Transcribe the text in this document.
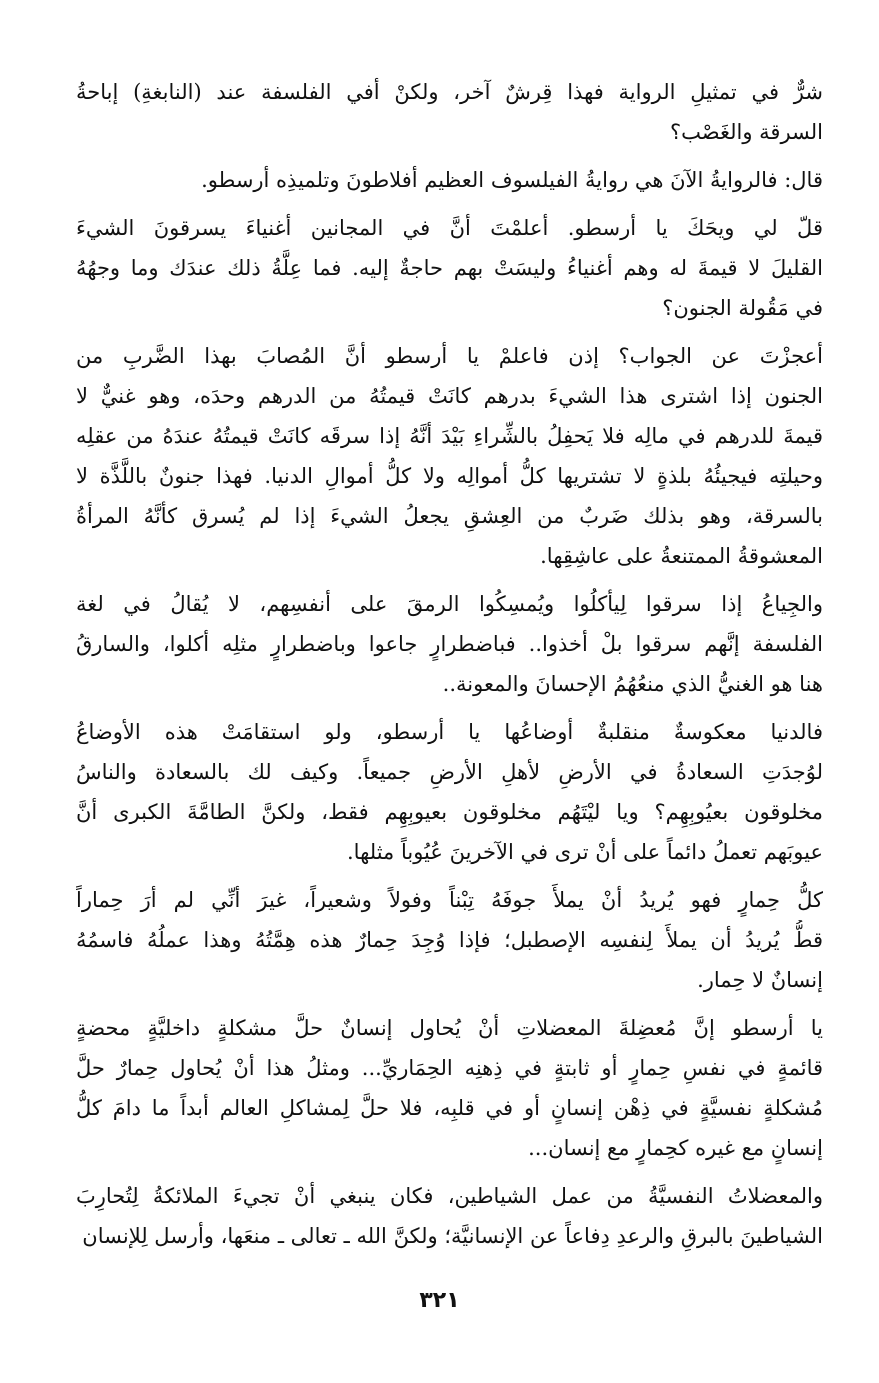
شرٌّ في تمثيلِ الرواية فهذا قِرشٌ آخر، ولكنْ أفي الفلسفة عند (النابغةِ) إباحةُ
السرقة والغَصْب؟
قال: فالروايةُ الآنَ هي روايةُ الفيلسوف العظيم أفلاطونَ وتلميذِه أرسطو.
قلّ لي ويحَكَ يا أرسطو. أعلمْتَ أنَّ في المجانين أغنياءَ يسرقونَ الشيءَ
القليلَ لا قيمةَ له وهم أغنياءُ وليسَتْ بهم حاجةٌ إليه. فما عِلَّةُ ذلك عندَك وما وجهُهُ
في مَقُولة الجنون؟
أعجزْتَ عن الجواب؟ إذن فاعلمْ يا أرسطو أنَّ المُصابَ بهذا الضَّربِ من
الجنون إذا اشترى هذا الشيءَ بدرهم كانَتْ قيمتُهُ من الدرهم وحدَه، وهو غنيٌّ لا
قيمةَ للدرهم في مالِه فلا يَحفِلُ بالشِّراءِ بَيْدَ أنَّهُ إذا سرقَه كانَتْ قيمتُهُ عندَهُ من عقلِه
وحيلتِه فيجيئُهُ بلذةٍ لا تشتريها كلُّ أموالِه ولا كلُّ أموالِ الدنيا. فهذا جنونٌ باللَّذَّة لا
بالسرقة، وهو بذلك ضَربٌ من العِشقِ يجعلُ الشيءَ إذا لم يُسرق كأنَّهُ المرأةُ
المعشوقةُ الممتنعةُ على عاشِقِها.
والجِياعُ إذا سرقوا لِيأكلُوا ويُمسِكُوا الرمقَ على أنفسِهم، لا يُقالُ في لغة
الفلسفة إنَّهم سرقوا بلْ أخذوا.. فباضطرارٍ جاعوا وباضطرارٍ مثلِه أكلوا، والسارقُ
هنا هو الغنيُّ الذي منعُهُمُ الإحسانَ والمعونة..
فالدنيا معكوسةٌ منقلبةٌ أوضاعُها يا أرسطو، ولو استقامَتْ هذه الأوضاعُ
لوُجدَتِ السعادةُ في الأرضِ لأهلِ الأرضِ جميعاً. وكيف لك بالسعادة والناسُ
مخلوقون بعيُوبِهِم؟ ويا ليْتَهُم مخلوقون بعيوبِهِم فقط، ولكنَّ الطامَّةَ الكبرى أنَّ
عيوبَهم تعملُ دائماً على أنْ ترى في الآخرينَ عُيُوباً مثلها.
كلُّ حِمارٍ فهو يُريدُ أنْ يملأَ جوفَهُ تِبْناً وفولاً وشعيراً، غيرَ أنِّي لم أرَ حِماراً
قطُّ يُريدُ أن يملأَ لِنفسِه الإصطبل؛ فإذا وُجِدَ حِمارٌ هذه هِمَّتُهُ وهذا عملُهُ فاسمُهُ
إنسانٌ لا حِمار.
يا أرسطو إنَّ مُعضِلةَ المعضلاتِ أنْ يُحاول إنسانٌ حلَّ مشكلةٍ داخليَّةٍ محضةٍ
قائمةٍ في نفسِ حِمارٍ أو ثابتةٍ في ذِهنِه الحِمَاريِّ... ومثلُ هذا أنْ يُحاول حِمارٌ حلَّ
مُشكلةٍ نفسيَّةٍ في ذِهْن إنسانٍ أو في قلبِه، فلا حلَّ لِمشاكلِ العالم أبداً ما دامَ كلُّ
إنسانٍ مع غيره كحِمارٍ مع إنسان...
والمعضلاتُ النفسيَّةُ من عمل الشياطين، فكان ينبغي أنْ تجيءَ الملائكةُ لِتُحارِبَ
الشياطينَ بالبرقِ والرعدِ دِفاعاً عن الإنسانيَّة؛ ولكنَّ الله ـ تعالى ـ منعَها، وأرسل لِلإنسان
٣٢١
